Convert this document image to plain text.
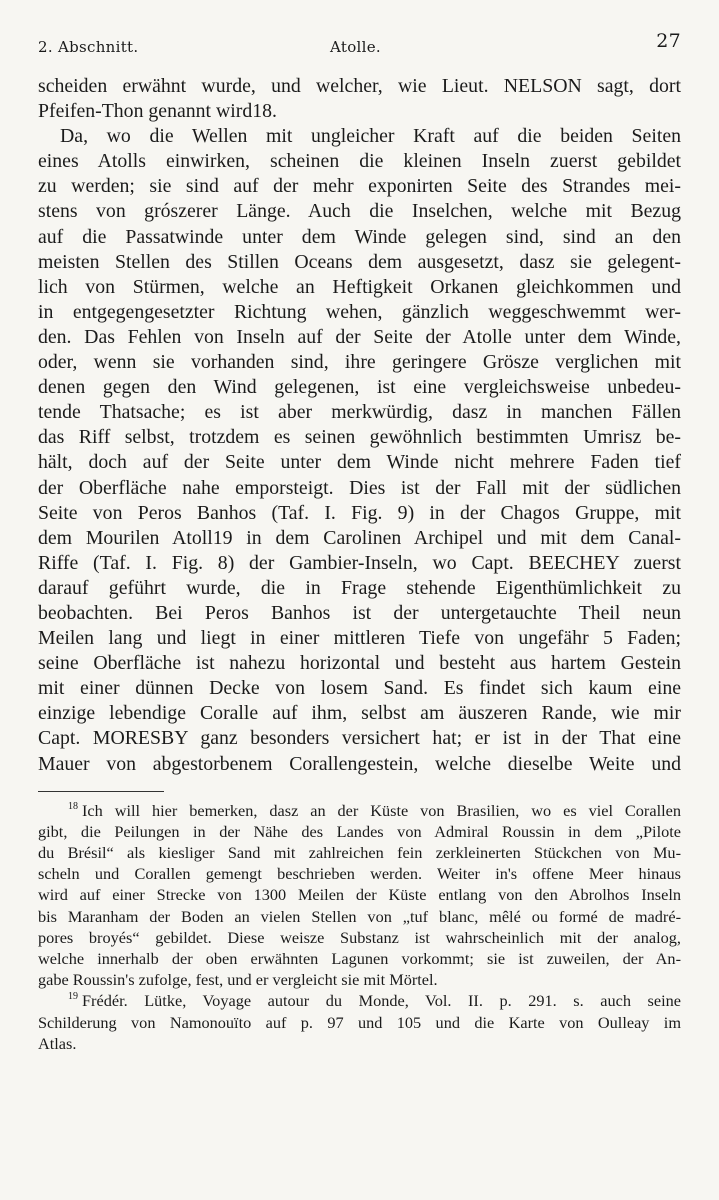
2. Abschnitt.	Atolle.	27
scheiden erwähnt wurde, und welcher, wie Lieut. NELSON sagt, dort
Pfeifen-Thon genannt wird18.
Da, wo die Wellen mit ungleicher Kraft auf die beiden Seiten
eines Atolls einwirken, scheinen die kleinen Inseln zuerst gebildet
zu werden; sie sind auf der mehr exponirten Seite des Strandes mei-
stens von grószerer Länge. Auch die Inselchen, welche mit Bezug
auf die Passatwinde unter dem Winde gelegen sind, sind an den
meisten Stellen des Stillen Oceans dem ausgesetzt, dasz sie gelegent-
lich von Stürmen, welche an Heftigkeit Orkanen gleichkommen und
in entgegengesetzter Richtung wehen, gänzlich weggeschwemmt wer-
den. Das Fehlen von Inseln auf der Seite der Atolle unter dem Winde,
oder, wenn sie vorhanden sind, ihre geringere Grösze verglichen mit
denen gegen den Wind gelegenen, ist eine vergleichsweise unbedeu-
tende Thatsache; es ist aber merkwürdig, dasz in manchen Fällen
das Riff selbst, trotzdem es seinen gewöhnlich bestimmten Umrisz be-
hält, doch auf der Seite unter dem Winde nicht mehrere Faden tief
der Oberfläche nahe emporsteigt. Dies ist der Fall mit der südlichen
Seite von Peros Banhos (Taf. I. Fig. 9) in der Chagos Gruppe, mit
dem Mourilen Atoll19 in dem Carolinen Archipel und mit dem Canal-
Riffe (Taf. I. Fig. 8) der Gambier-Inseln, wo Capt. BEECHEY zuerst
darauf geführt wurde, die in Frage stehende Eigenthümlichkeit zu
beobachten. Bei Peros Banhos ist der untergetauchte Theil neun
Meilen lang und liegt in einer mittleren Tiefe von ungefähr 5 Faden;
seine Oberfläche ist nahezu horizontal und besteht aus hartem Gestein
mit einer dünnen Decke von losem Sand. Es findet sich kaum eine
einzige lebendige Coralle auf ihm, selbst am äuszeren Rande, wie mir
Capt. MORESBY ganz besonders versichert hat; er ist in der That eine
Mauer von abgestorbenem Corallengestein, welche dieselbe Weite und
$^{18}$ Ich will hier bemerken, dasz an der Küste von Brasilien, wo es viel Corallen
gibt, die Peilungen in der Nähe des Landes von Admiral Roussin in dem „Pilote
du Brésil“ als kiesliger Sand mit zahlreichen fein zerkleinerten Stückchen von Mu-
scheln und Corallen gemengt beschrieben werden. Weiter in's offene Meer hinaus
wird auf einer Strecke von 1300 Meilen der Küste entlang von den Abrolhos Inseln
bis Maranham der Boden an vielen Stellen von „tuf blanc, mêlé ou formé de madré-
pores broyés“ gebildet. Diese weisze Substanz ist wahrscheinlich mit der analog,
welche innerhalb der oben erwähnten Lagunen vorkommt; sie ist zuweilen, der An-
gabe Roussin's zufolge, fest, und er vergleicht sie mit Mörtel.
$^{19}$ Frédér. Lütke, Voyage autour du Monde, Vol. II. p. 291. s. auch seine
Schilderung von Namonouïto auf p. 97 und 105 und die Karte von Oulleay im
Atlas.
